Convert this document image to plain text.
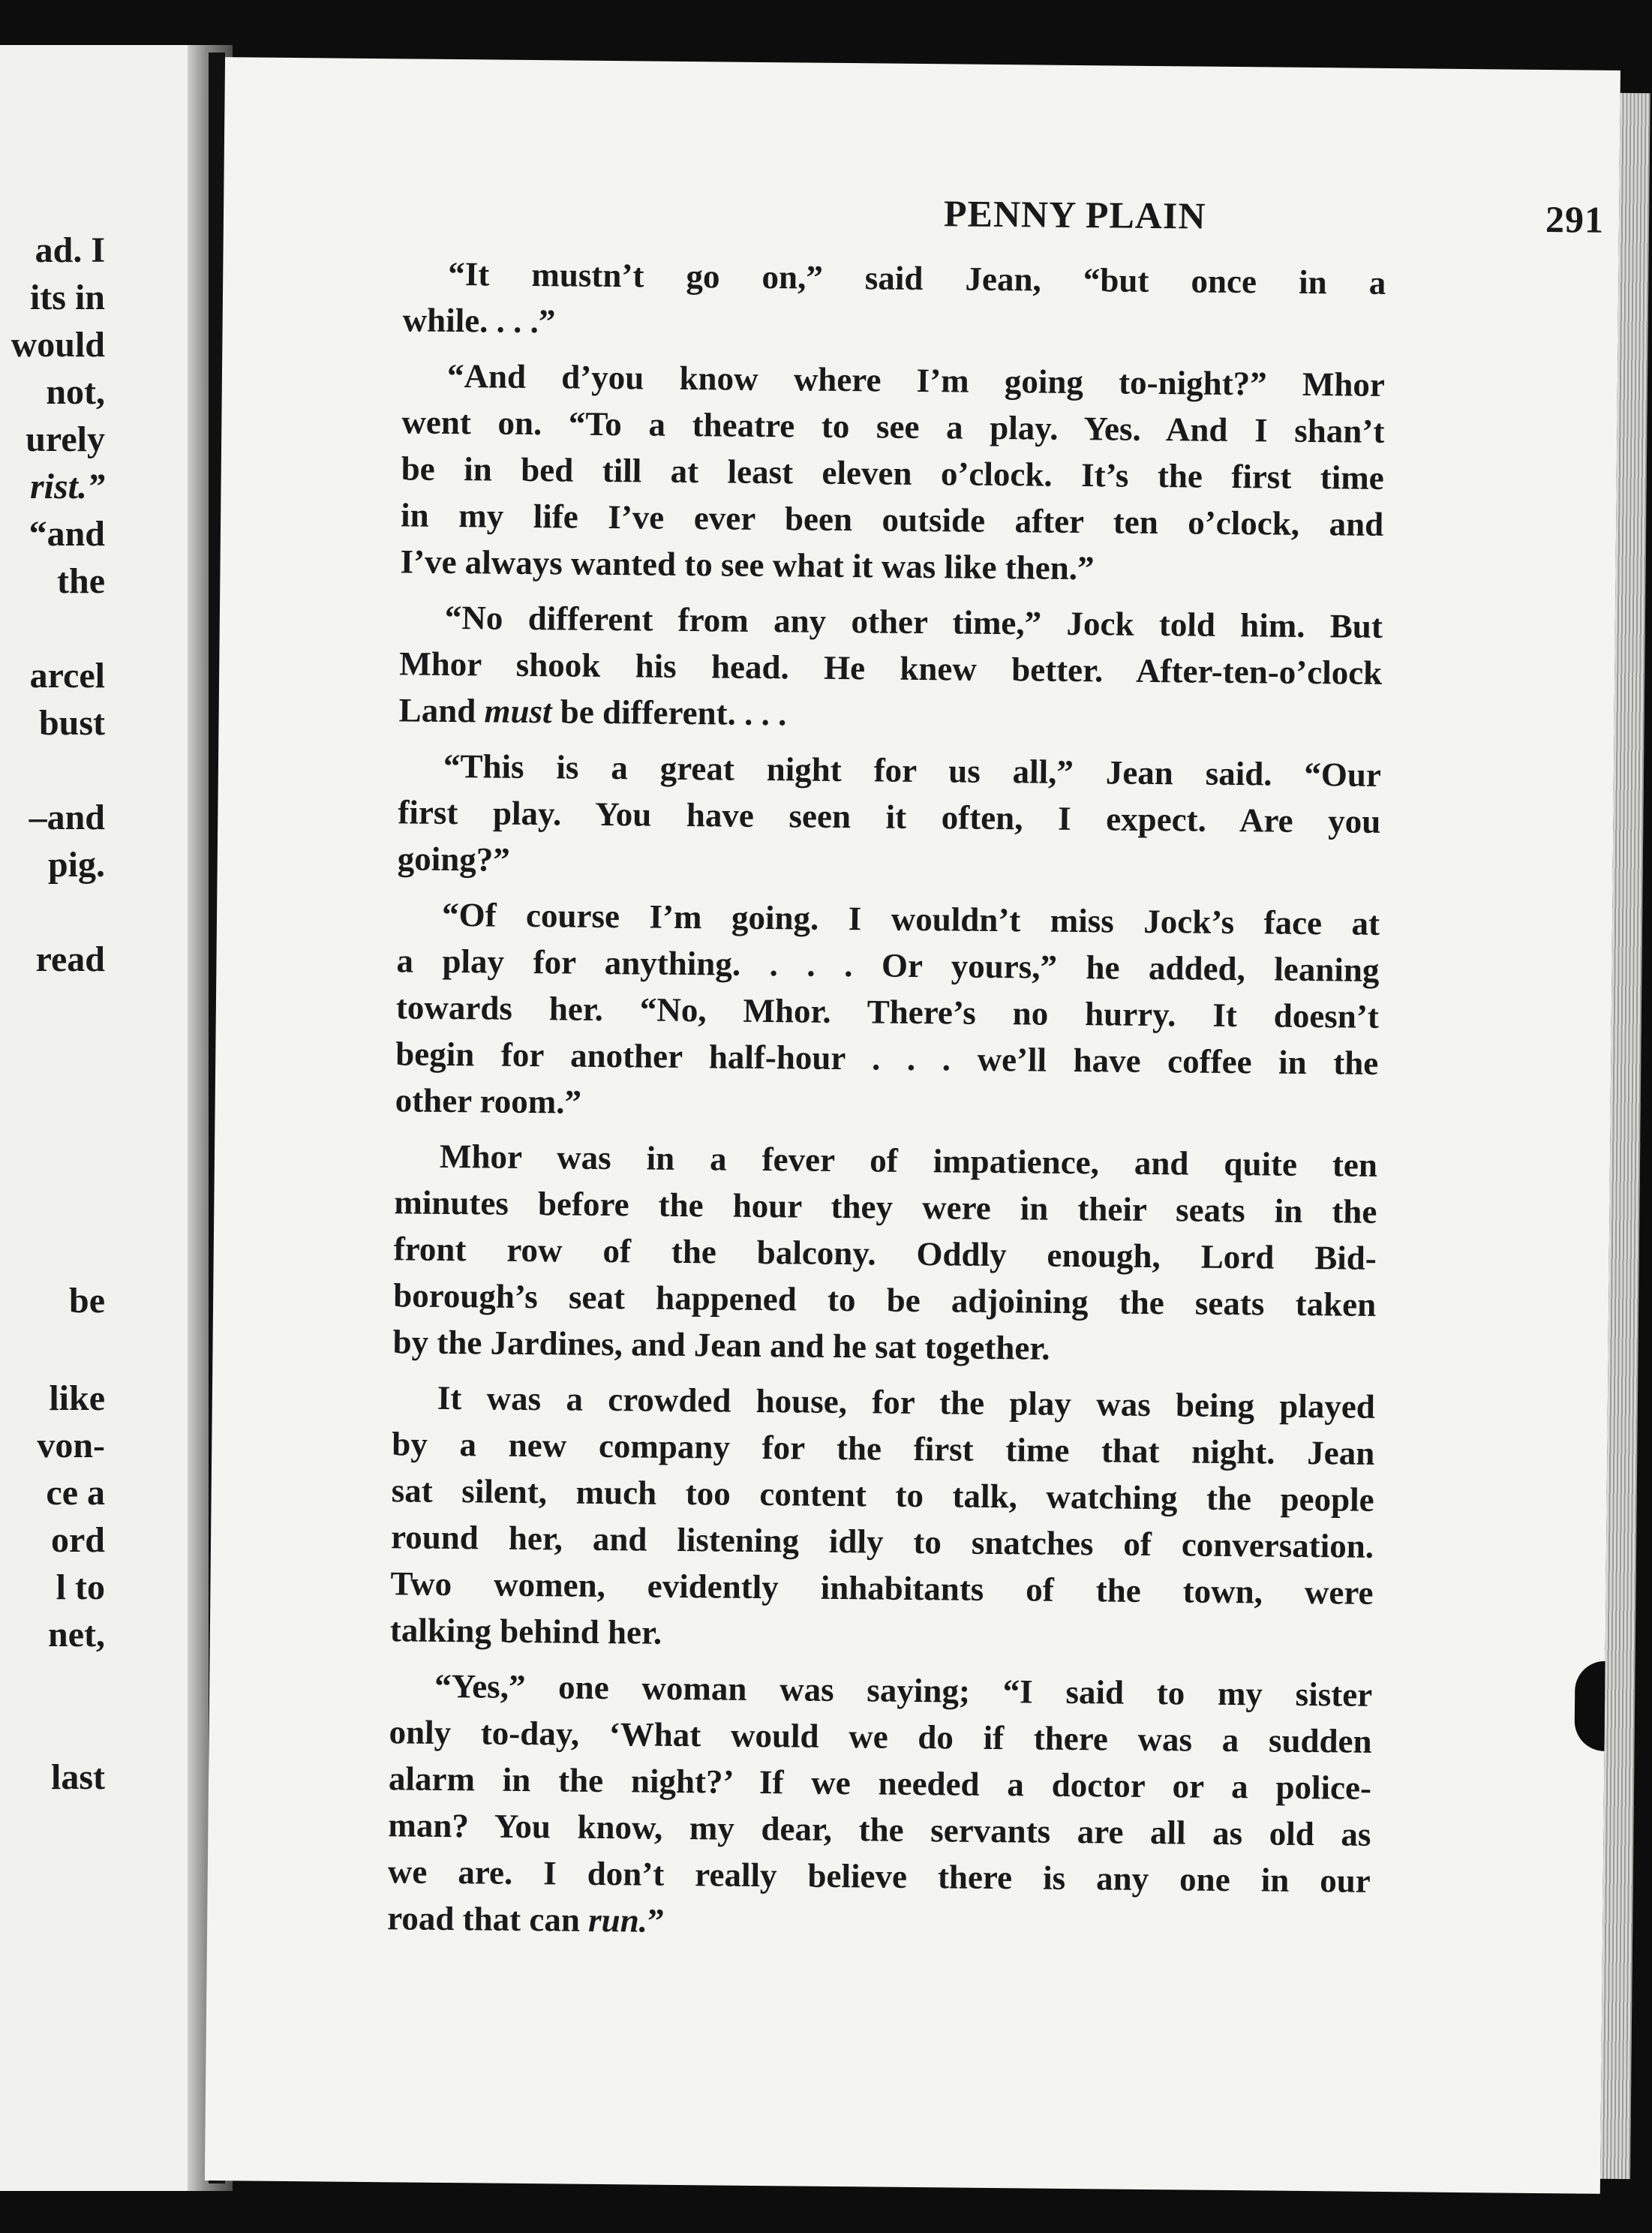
ad. I
its in
would
not,
urely
rist.”
“and
the
arcel
bust
–and
pig.
read
be
like
von-
ce a
ord
l to
net,
last
PENNY PLAIN	291

“It mustn’t go on,” said Jean, “but once in a
while. . . .”

“And d’you know where I’m going to-night?” Mhor
went on. “To a theatre to see a play. Yes. And I shan’t
be in bed till at least eleven o’clock. It’s the first time
in my life I’ve ever been outside after ten o’clock, and
I’ve always wanted to see what it was like then.”

“No different from any other time,” Jock told him. But
Mhor shook his head. He knew better. After-ten-o’clock
Land must be different. . . .

“This is a great night for us all,” Jean said. “Our
first play. You have seen it often, I expect. Are you
going?”

“Of course I’m going. I wouldn’t miss Jock’s face at
a play for anything. . . . Or yours,” he added, leaning
towards her. “No, Mhor. There’s no hurry. It doesn’t
begin for another half-hour . . . we’ll have coffee in the
other room.”

Mhor was in a fever of impatience, and quite ten
minutes before the hour they were in their seats in the
front row of the balcony. Oddly enough, Lord Bid-
borough’s seat happened to be adjoining the seats taken
by the Jardines, and Jean and he sat together.

It was a crowded house, for the play was being played
by a new company for the first time that night. Jean
sat silent, much too content to talk, watching the people
round her, and listening idly to snatches of conversation.
Two women, evidently inhabitants of the town, were
talking behind her.

“Yes,” one woman was saying; “I said to my sister
only to-day, ‘What would we do if there was a sudden
alarm in the night?’ If we needed a doctor or a police-
man? You know, my dear, the servants are all as old as
we are. I don’t really believe there is any one in our
road that can run.”
